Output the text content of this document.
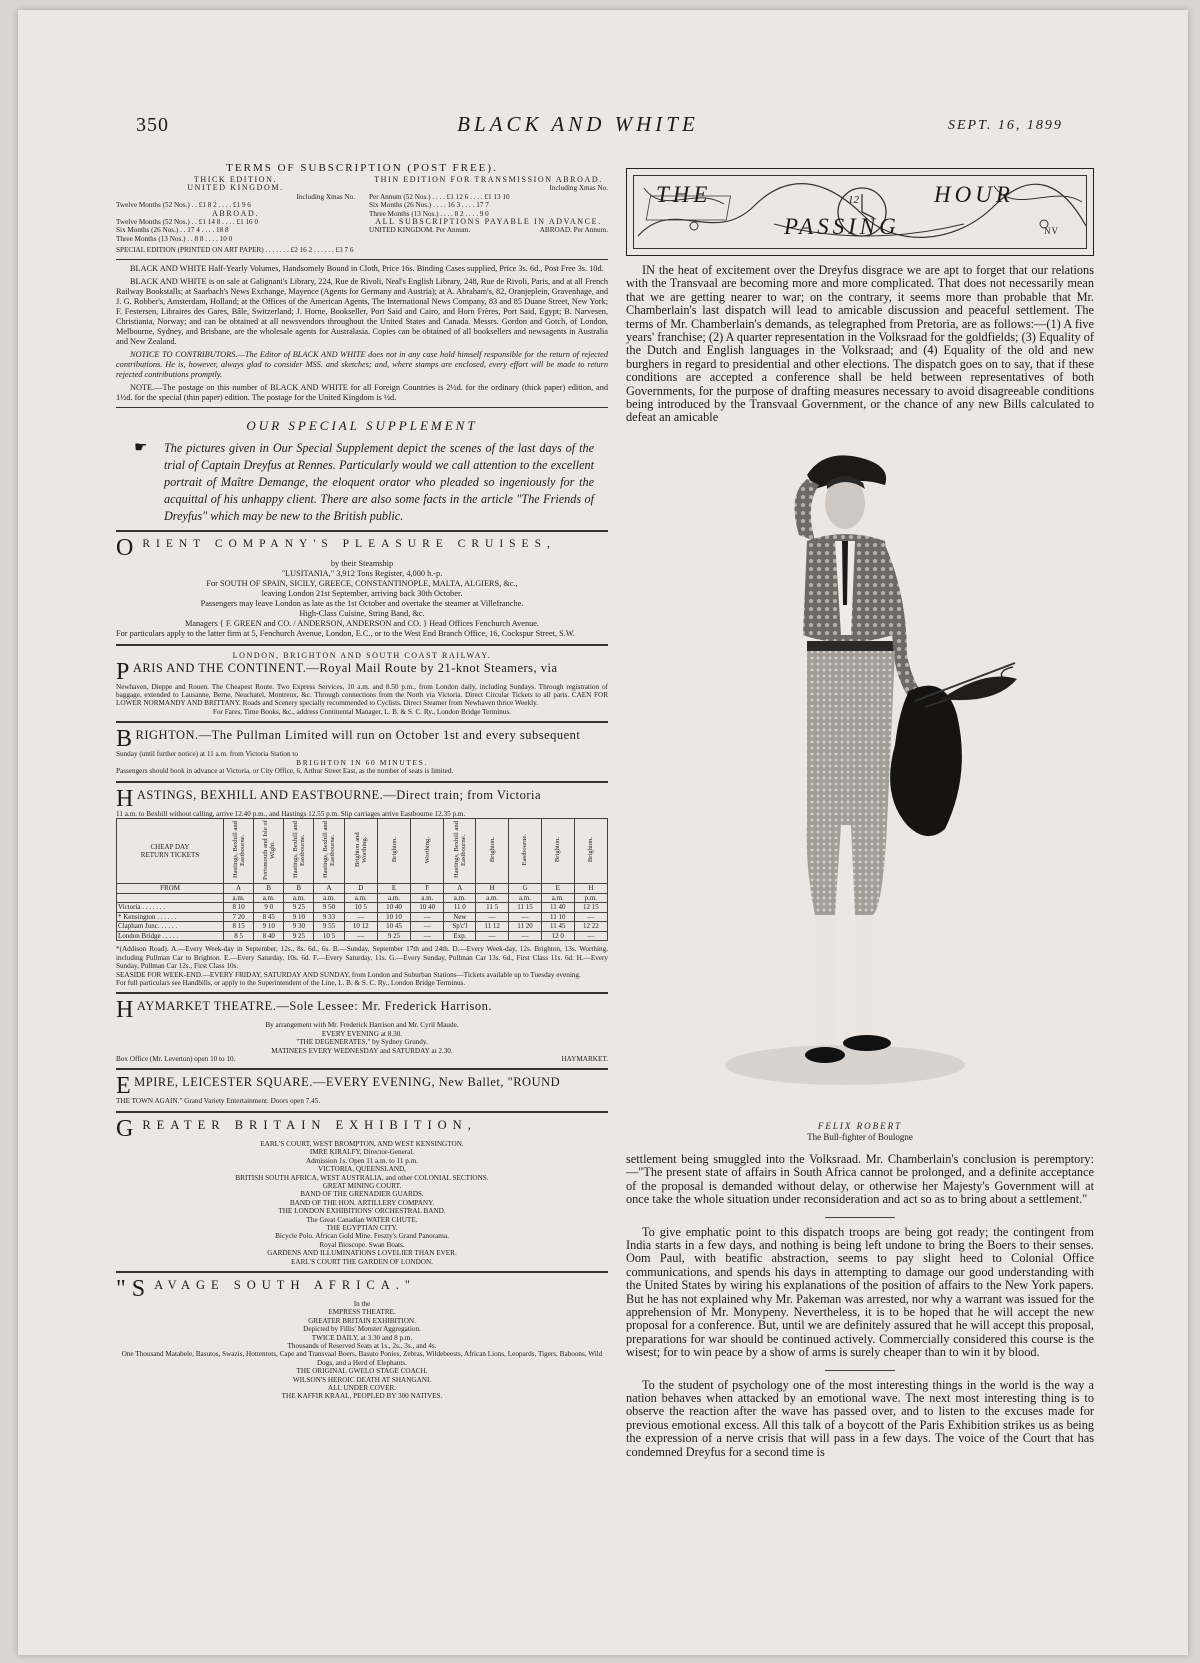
350	BLACK AND WHITE	SEPT. 16, 1899
TERMS OF SUBSCRIPTION (POST FREE).
THICK EDITION.
UNITED KINGDOM.
Including Xmas No.
Twelve Months (52 Nos.) . . £1 8 2 . . . . £1 9 6
ABROAD.
Twelve Months (52 Nos.) . . £1 14 8 . . . . £1 16 0
Six Months (26 Nos.) . . 17 4 . . . . 18 8
Three Months (13 Nos.) . . 8 8 . . . . 10 0
THIN EDITION FOR TRANSMISSION ABROAD.
Including Xmas No.
Per Annum (52 Nos.) . . . . £1 12 6 . . . . £1 13 10
Six Months (26 Nos.) . . . . 16 3 . . . . 17 7
Three Months (13 Nos.) . . . . 8 2 . . . . 9 0
ALL SUBSCRIPTIONS PAYABLE IN ADVANCE.
UNITED KINGDOM. Per Annum.	ABROAD. Per Annum.
SPECIAL EDITION (PRINTED ON ART PAPER) . . . . . . . £2 16 2 . . . . . . £3 7 6
BLACK AND WHITE Half-Yearly Volumes, Handsomely Bound in Cloth, Price 16s. Binding Cases supplied, Price 3s. 6d., Post Free 3s. 10d.
BLACK AND WHITE is on sale at Galignani's Library, 224, Rue de Rivoli, Neal's English Library, 248, Rue de Rivoli, Paris, and at all French Railway Bookstalls; at Saarbach's News Exchange, Mayence (Agents for Germany and Austria); at A. Abraham's, 82, Oranjeplein, Gravenhage, and J. G. Robber's, Amsterdam, Holland; at the Offices of the American Agents, The International News Company, 83 and 85 Duane Street, New York; F. Festersen, Libraires des Gares, Bâle, Switzerland; J. Horne, Bookseller, Port Said and Cairo, and Horn Frères, Port Said, Egypt; B. Narvesen, Christiania, Norway; and can be obtained at all newsvendors throughout the United States and Canada. Messrs. Gordon and Gotch, of London, Melbourne, Sydney, and Brisbane, are the wholesale agents for Australasia. Copies can be obtained of all booksellers and newsagents in Australia and New Zealand.
NOTICE TO CONTRIBUTORS.—The Editor of BLACK AND WHITE does not in any case hold himself responsible for the return of rejected contributions. He is, however, always glad to consider MSS. and sketches; and, where stamps are enclosed, every effort will be made to return rejected contributions promptly.
NOTE.—The postage on this number of BLACK AND WHITE for all Foreign Countries is 2½d. for the ordinary (thick paper) edition, and 1½d. for the special (thin paper) edition. The postage for the United Kingdom is ½d.
OUR SPECIAL SUPPLEMENT
☛ The pictures given in Our Special Supplement depict the scenes of the last days of the trial of Captain Dreyfus at Rennes. Particularly would we call attention to the excellent portrait of Maître Demange, the eloquent orator who pleaded so ingeniously for the acquittal of his unhappy client. There are also some facts in the article "The Friends of Dreyfus" which may be new to the British public.
ORIENT COMPANY'S PLEASURE CRUISES,
by their Steamship
"LUSITANIA," 3,912 Tons Register, 4,000 h.-p.
For SOUTH OF SPAIN, SICILY, GREECE, CONSTANTINOPLE, MALTA, ALGIERS, &c.,
leaving London 21st September, arriving back 30th October.
Passengers may leave London as late as the 1st October and overtake the steamer at Villefranche.
High-Class Cuisine, String Band, &c.
Managers { F. GREEN and CO. / ANDERSON, ANDERSON and CO. } Head Offices Fenchurch Avenue.
For particulars apply to the latter firm at 5, Fenchurch Avenue, London, E.C., or to the West End Branch Office, 16, Cockspur Street, S.W.
LONDON, BRIGHTON AND SOUTH COAST RAILWAY.
PARIS AND THE CONTINENT.—Royal Mail Route by 21-knot Steamers, via
Newhaven, Dieppe and Rouen. The Cheapest Route. Two Express Services, 10 a.m. and 8.50 p.m., from London daily, including Sundays. Through registration of baggage, extended to Lausanne, Berne, Neuchatel, Montreux, &c. Through connections from the North via Victoria. Direct Circular Tickets to all parts. CAEN FOR LOWER NORMANDY AND BRITTANY. Roads and Scenery specially recommended to Cyclists. Direct Steamer from Newhaven thrice Weekly.
For Fares, Time Books, &c., address Continental Manager, L. B. & S. C. Ry., London Bridge Terminus.
BRIGHTON.—The Pullman Limited will run on October 1st and every subsequent
Sunday (until further notice) at 11 a.m. from Victoria Station to
BRIGHTON IN 60 MINUTES.
Passengers should book in advance at Victoria, or City Office, 6, Arthur Street East, as the number of seats is limited.
HASTINGS, BEXHILL AND EASTBOURNE.—Direct train; from Victoria
11 a.m. to Bexhill without calling, arrive 12.40 p.m., and Hastings 12.55 p.m. Slip carriages arrive Eastbourne 12.35 p.m.
CHEAP DAY
RETURN TICKETS	Hastings, Bexhill and Eastbourne.	Portsmouth and Isle of Wight.	Hastings, Bexhill and Eastbourne.	Hastings, Bexhill and Eastbourne.	Brighton and Worthing.	Brighton.	Worthing.	Hastings, Bexhill and Eastbourne.	Brighton.	Eastbourne.	Brighton.	Brighton.
FROM	A	B	B	A	D	E	F	A	H	G	E	H
	a.m.	a.m.	a.m.	a.m.	a.m.	a.m.	a.m.	a.m.	a.m.	a.m.	a.m.	p.m.
Victoria . . . . . . .	8 10	9 0	9 25	9 50	10 5	10 40	10 40	11 0	11 5	11 15	11 40	12 15
* Kensington . . . . . .	7 20	8 45	9 10	9 33	—	10 10	—	New	—	—	11 10	—
Clapham Junc. . . . . .	8 15	9 10	9 30	9 55	10 12	10 45	—	Sp'c'l	11 12	11 20	11 45	12 22
London Bridge . . . . .	8 5	8 40	9 25	10 5	—	9 25	—	Exp.	—	—	12 0	—
*(Addison Road). A.—Every Week-day in September, 12s., 8s. 6d., 6s. B.—Sunday, September 17th and 24th. D.—Every Week-day, 12s. Brighton, 13s. Worthing, including Pullman Car to Brighton. E.—Every Saturday, 10s. 6d. F.—Every Saturday, 11s. G.—Every Sunday, Pullman Car 13s. 6d., First Class 11s. 6d. H.—Every Sunday, Pullman Car 12s., First Class 10s.
SEASIDE FOR WEEK-END.—EVERY FRIDAY, SATURDAY AND SUNDAY, from London and Suburban Stations—Tickets available up to Tuesday evening.
For full particulars see Handbills, or apply to the Superintendent of the Line, L. B. & S. C. Ry., London Bridge Terminus.
HAYMARKET THEATRE.—Sole Lessee: Mr. Frederick Harrison.
By arrangement with Mr. Frederick Harrison and Mr. Cyril Maude.
EVERY EVENING at 8.30.
"THE DEGENERATES," by Sydney Grundy.
MATINEES EVERY WEDNESDAY and SATURDAY at 2.30.
Box Office (Mr. Leverton) open 10 to 10.	HAYMARKET.
EMPIRE, LEICESTER SQUARE.—EVERY EVENING, New Ballet, "ROUND
THE TOWN AGAIN." Grand Variety Entertainment. Doors open 7.45.
GREATER BRITAIN EXHIBITION,
EARL'S COURT, WEST BROMPTON, AND WEST KENSINGTON.
IMRE KIRALFY, Director-General.
Admission 1s. Open 11 a.m. to 11 p.m.
VICTORIA, QUEENSLAND,
BRITISH SOUTH AFRICA, WEST AUSTRALIA, and other COLONIAL SECTIONS.
GREAT MINING COURT.
BAND OF THE GRENADIER GUARDS.
BAND OF THE HON. ARTILLERY COMPANY.
THE LONDON EXHIBITIONS' ORCHESTRAL BAND.
The Great Canadian WATER CHUTE.
THE EGYPTIAN CITY.
Bicycle Polo. African Gold Mine. Feszty's Grand Panorama.
Royal Bioscope. Swan Boats.
GARDENS AND ILLUMINATIONS LOVELIER THAN EVER.
EARL'S COURT THE GARDEN OF LONDON.
"SAVAGE SOUTH AFRICA."
In the
EMPRESS THEATRE.
GREATER BRITAIN EXHIBITION.
Depicted by Fillis' Monster Aggregation.
TWICE DAILY, at 3.30 and 8 p.m.
Thousands of Reserved Seats at 1s., 2s., 3s., and 4s.
One Thousand Matabele, Basutos, Swazis, Hottentots, Cape and Transvaal Boers, Basuto Ponies, Zebras, Wildebeests, African Lions, Leopards, Tigers, Baboons, Wild Dogs, and a Herd of Elephants.
THE ORIGINAL GWELO STAGE COACH.
WILSON'S HEROIC DEATH AT SHANGANI.
ALL UNDER COVER.
THE KAFFIR KRAAL, PEOPLED BY 300 NATIVES.
THE	12	HOUR
PASSING	NV

IN the heat of excitement over the Dreyfus disgrace we are apt to forget that our relations with the Transvaal are becoming more and more complicated. That does not necessarily mean that we are getting nearer to war; on the contrary, it seems more than probable that Mr. Chamberlain's last dispatch will lead to amicable discussion and peaceful settlement. The terms of Mr. Chamberlain's demands, as telegraphed from Pretoria, are as follows:—(1) A five years' franchise; (2) A quarter representation in the Volksraad for the goldfields; (3) Equality of the Dutch and English languages in the Volksraad; and (4) Equality of the old and new burghers in regard to presidential and other elections. The dispatch goes on to say, that if these conditions are accepted a conference shall be held between representatives of both Governments, for the purpose of drafting measures necessary to avoid disagreeable conditions being introduced by the Transvaal Government, or the chance of any new Bills calculated to defeat an amicable

FELIX ROBERT
The Bull-fighter of Boulogne

settlement being smuggled into the Volksraad. Mr. Chamberlain's conclusion is peremptory:—"The present state of affairs in South Africa cannot be prolonged, and a definite acceptance of the proposal is demanded without delay, or otherwise her Majesty's Government will at once take the whole situation under reconsideration and act so as to bring about a settlement."

To give emphatic point to this dispatch troops are being got ready; the contingent from India starts in a few days, and nothing is being left undone to bring the Boers to their senses. Oom Paul, with beatific abstraction, seems to pay slight heed to Colonial Office communications, and spends his days in attempting to damage our good understanding with the United States by wiring his explanations of the position of affairs to the New York papers. But he has not explained why Mr. Pakeman was arrested, nor why a warrant was issued for the apprehension of Mr. Monypeny. Nevertheless, it is to be hoped that he will accept the new proposal for a conference. But, until we are definitely assured that he will accept this proposal, preparations for war should be continued actively. Commercially considered this course is the wisest; for to win peace by a show of arms is surely cheaper than to win it by blood.

To the student of psychology one of the most interesting things in the world is the way a nation behaves when attacked by an emotional wave. The next most interesting thing is to observe the reaction after the wave has passed over, and to listen to the excuses made for previous emotional excess. All this talk of a boycott of the Paris Exhibition strikes us as being the expression of a nerve crisis that will pass in a few days. The voice of the Court that has condemned Dreyfus for a second time is
